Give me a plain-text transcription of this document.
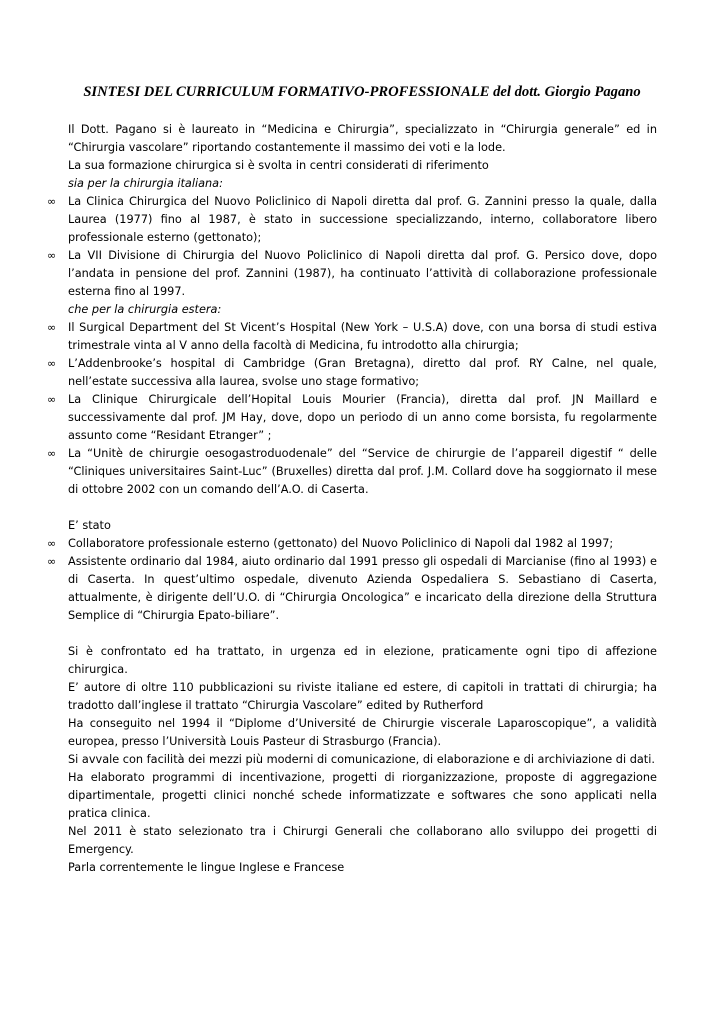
SINTESI DEL CURRICULUM FORMATIVO-PROFESSIONALE del dott. Giorgio Pagano

Il Dott. Pagano si è laureato in “Medicina e Chirurgia”, specializzato in “Chirurgia generale” ed in “Chirurgia vascolare” riportando costantemente il massimo dei voti e la lode.

La sua formazione chirurgica si è svolta in centri considerati di riferimento

sia per la chirurgia italiana:

∞ La Clinica Chirurgica del Nuovo Policlinico di Napoli diretta dal prof. G. Zannini presso la quale, dalla Laurea (1977) fino al 1987, è stato in successione specializzando, interno, collaboratore libero professionale esterno (gettonato);
∞ La VII Divisione di Chirurgia del Nuovo Policlinico di Napoli diretta dal prof. G. Persico dove, dopo l’andata in pensione del prof. Zannini (1987), ha continuato l’attività di collaborazione professionale esterna fino al 1997.

che per la chirurgia estera:

∞ Il Surgical Department del St Vicent’s Hospital (New York – U.S.A) dove, con una borsa di studi estiva trimestrale vinta al V anno della facoltà di Medicina, fu introdotto alla chirurgia;
∞ L’Addenbrooke’s hospital di Cambridge (Gran Bretagna), diretto dal prof. RY Calne, nel quale, nell’estate successiva alla laurea, svolse uno stage formativo;
∞ La Clinique Chirurgicale dell’Hopital Louis Mourier (Francia), diretta dal prof. JN Maillard e successivamente dal prof. JM Hay, dove, dopo un periodo di un anno come borsista, fu regolarmente assunto come “Residant Etranger” ;
∞ La “Unitè de chirurgie oesogastroduodenale” del “Service de chirurgie de l’appareil digestif “ delle “Cliniques universitaires Saint-Luc” (Bruxelles) diretta dal prof. J.M. Collard dove ha soggiornato il mese di ottobre 2002 con un comando dell’A.O. di Caserta.

E’ stato

∞ Collaboratore professionale esterno (gettonato) del Nuovo Policlinico di Napoli dal 1982 al 1997;
∞ Assistente ordinario dal 1984, aiuto ordinario dal 1991 presso gli ospedali di Marcianise (fino al 1993) e di Caserta. In quest’ultimo ospedale, divenuto Azienda Ospedaliera S. Sebastiano di Caserta, attualmente, è dirigente dell’U.O. di “Chirurgia Oncologica” e incaricato della direzione della Struttura Semplice di “Chirurgia Epato-biliare”.

Si è confrontato ed ha trattato, in urgenza ed in elezione, praticamente ogni tipo di affezione chirurgica.

E’ autore di oltre 110 pubblicazioni su riviste italiane ed estere, di capitoli in trattati di chirurgia; ha tradotto dall’inglese il trattato “Chirurgia Vascolare” edited by Rutherford

Ha conseguito nel 1994 il “Diplome d’Université de Chirurgie viscerale Laparoscopique”, a validità europea, presso l’Università Louis Pasteur di Strasburgo (Francia).

Si avvale con facilità dei mezzi più moderni di comunicazione, di elaborazione e di archiviazione di dati.

Ha elaborato programmi di incentivazione, progetti di riorganizzazione, proposte di aggregazione dipartimentale, progetti clinici nonché schede informatizzate e softwares che sono applicati nella pratica clinica.

Nel 2011 è stato selezionato tra i Chirurgi Generali che collaborano allo sviluppo dei progetti di Emergency.

Parla correntemente le lingue Inglese e Francese
